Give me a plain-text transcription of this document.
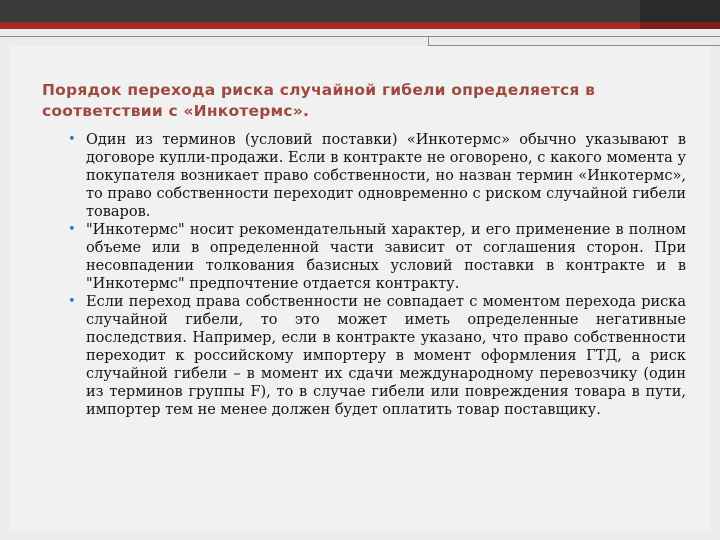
Порядок перехода риска случайной гибели определяется в соответствии с «Инкотермс».
• Один из терминов (условий поставки) «Инкотермс» обычно указывают в договоре купли-продажи. Если в контракте не оговорено, с какого момента у покупателя возникает право собственности, но назван термин «Инкотермс», то право собственности переходит одновременно с риском случайной гибели товаров.
• "Инкотермс" носит рекомендательный характер, и его применение в полном объеме или в определенной части зависит от соглашения сторон. При несовпадении толкования базисных условий поставки в контракте и в "Инкотермс" предпочтение отдается контракту.
• Если переход права собственности не совпадает с моментом перехода риска случайной гибели, то это может иметь определенные негативные последствия. Например, если в контракте указано, что право собственности переходит к российскому импортеру в момент оформления ГТД, а риск случайной гибели – в момент их сдачи международному перевозчику (один из терминов группы F), то в случае гибели или повреждения товара в пути, импортер тем не менее должен будет оплатить товар поставщику.
